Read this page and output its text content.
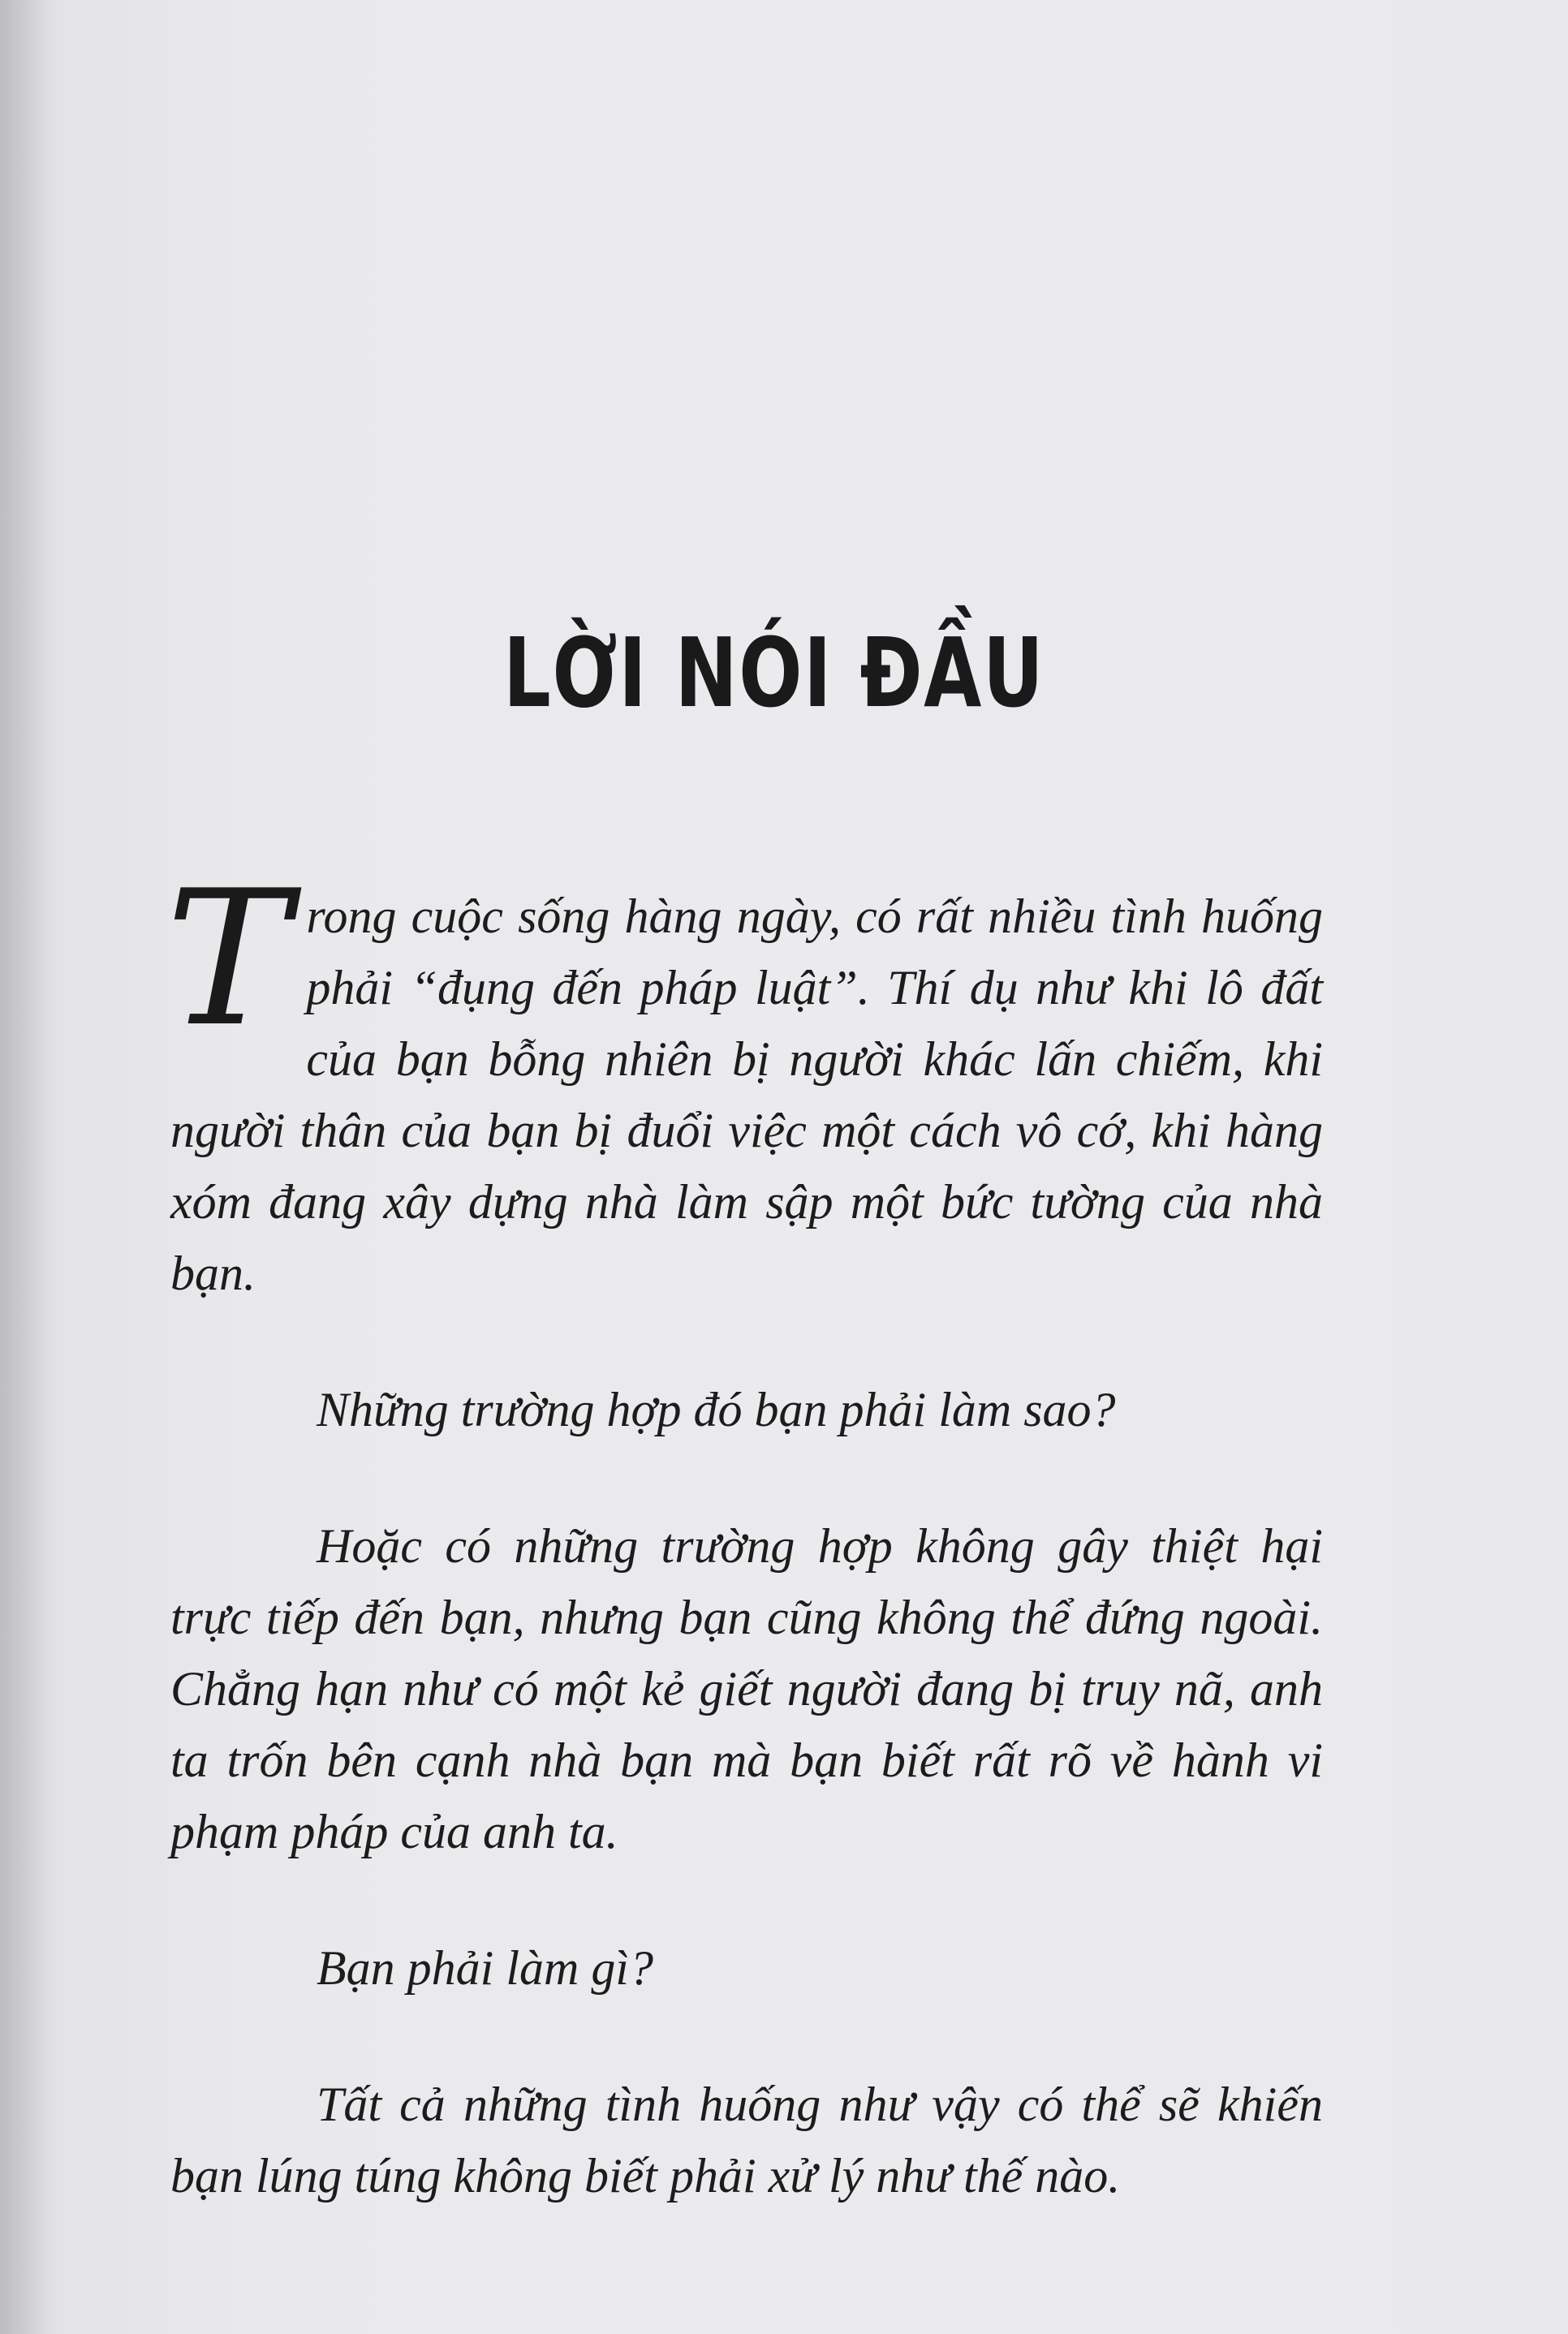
LỜI NÓI ĐẦU

Trong cuộc sống hàng ngày, có rất nhiều tình huống phải “đụng đến pháp luật”. Thí dụ như khi lô đất của bạn bỗng nhiên bị người khác lấn chiếm, khi người thân của bạn bị đuổi việc một cách vô cớ, khi hàng xóm đang xây dựng nhà làm sập một bức tường của nhà bạn.

Những trường hợp đó bạn phải làm sao?

Hoặc có những trường hợp không gây thiệt hại trực tiếp đến bạn, nhưng bạn cũng không thể đứng ngoài. Chẳng hạn như có một kẻ giết người đang bị truy nã, anh ta trốn bên cạnh nhà bạn mà bạn biết rất rõ về hành vi phạm pháp của anh ta.

Bạn phải làm gì?

Tất cả những tình huống như vậy có thể sẽ khiến bạn lúng túng không biết phải xử lý như thế nào.
